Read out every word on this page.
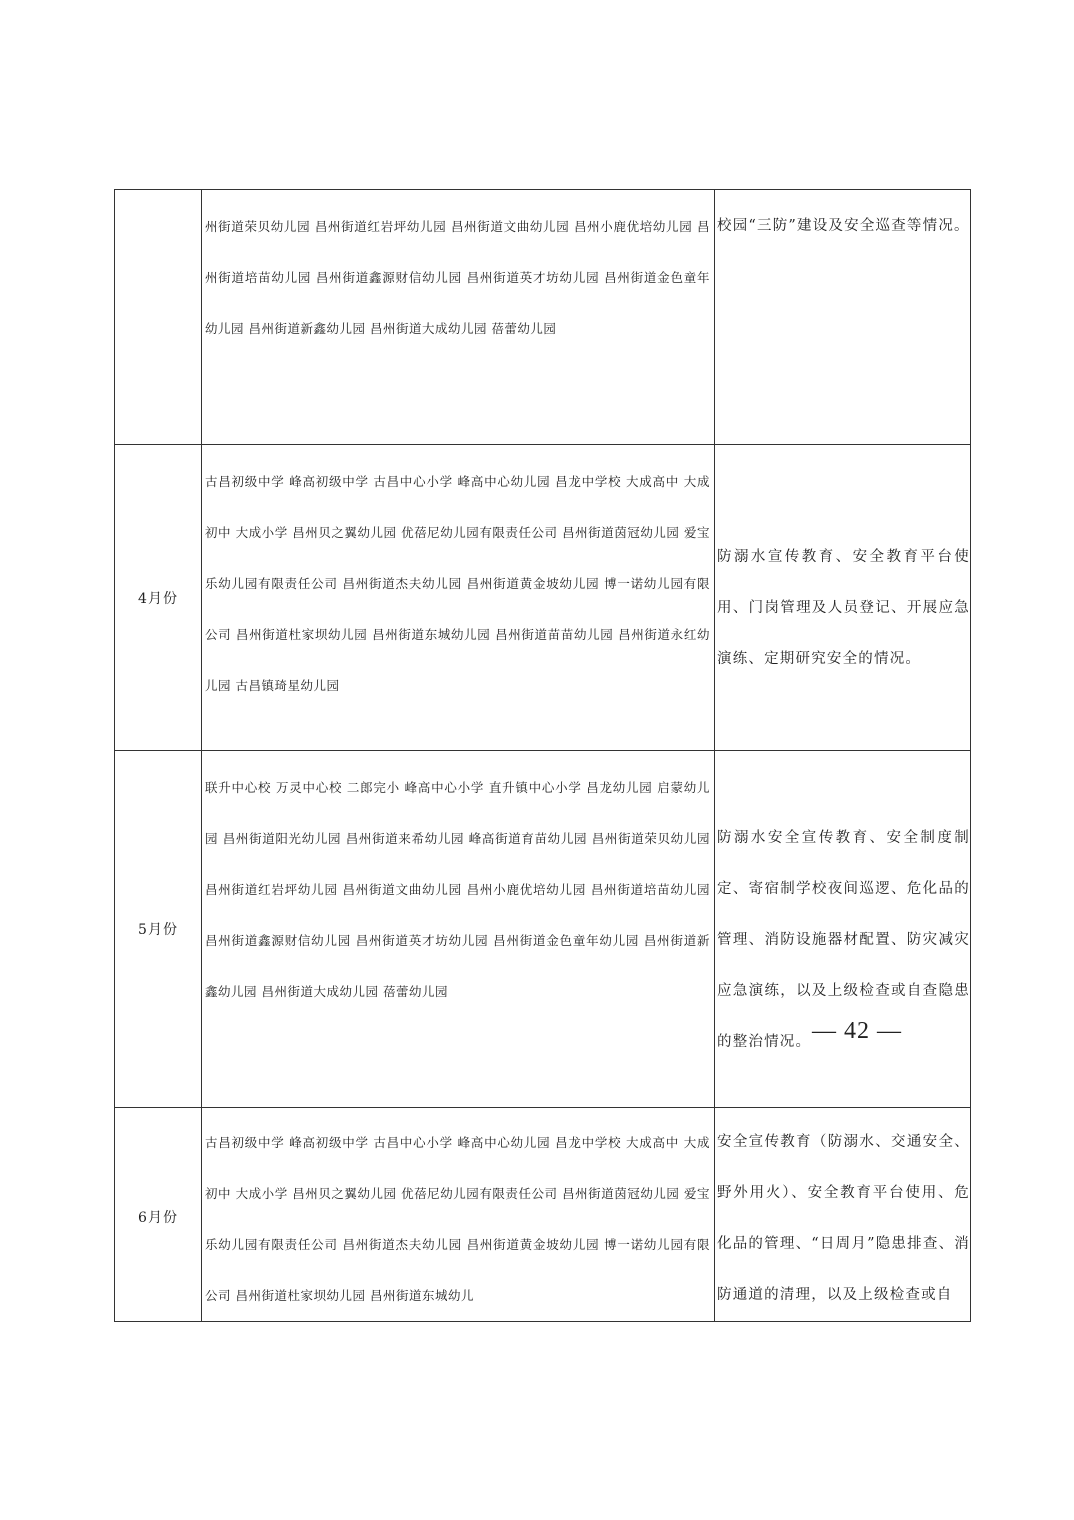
	州街道荣贝幼儿园 昌州街道红岩坪幼儿园 昌州街道文曲幼儿园 昌州小鹿优培幼儿园 昌州街道培苗幼儿园 昌州街道鑫源财信幼儿园 昌州街道英才坊幼儿园 昌州街道金色童年幼儿园 昌州街道新鑫幼儿园 昌州街道大成幼儿园 蓓蕾幼儿园	校园“三防”建设及安全巡查等情况。

4月份	古昌初级中学 峰高初级中学 古昌中心小学 峰高中心幼儿园 昌龙中学校 大成高中 大成初中 大成小学 昌州贝之翼幼儿园 优蓓尼幼儿园有限责任公司 昌州街道茵冠幼儿园 爱宝乐幼儿园有限责任公司 昌州街道杰夫幼儿园 昌州街道黄金坡幼儿园 博一诺幼儿园有限公司 昌州街道杜家坝幼儿园 昌州街道东城幼儿园 昌州街道苗苗幼儿园 昌州街道永红幼儿园 古昌镇琦星幼儿园	防溺水宣传教育、安全教育平台使用、门岗管理及人员登记、开展应急演练、定期研究安全的情况。

5月份	联升中心校 万灵中心校 二郎完小 峰高中心小学 直升镇中心小学 昌龙幼儿园 启蒙幼儿园 昌州街道阳光幼儿园 昌州街道来希幼儿园 峰高街道育苗幼儿园 昌州街道荣贝幼儿园 昌州街道红岩坪幼儿园 昌州街道文曲幼儿园 昌州小鹿优培幼儿园 昌州街道培苗幼儿园 昌州街道鑫源财信幼儿园 昌州街道英才坊幼儿园 昌州街道金色童年幼儿园 昌州街道新鑫幼儿园 昌州街道大成幼儿园 蓓蕾幼儿园	防溺水安全宣传教育、安全制度制定、寄宿制学校夜间巡逻、危化品的管理、消防设施器材配置、防灾减灾应急演练，以及上级检查或自查隐患的整治情况。

6月份	古昌初级中学 峰高初级中学 古昌中心小学 峰高中心幼儿园 昌龙中学校 大成高中 大成初中 大成小学 昌州贝之翼幼儿园 优蓓尼幼儿园有限责任公司 昌州街道茵冠幼儿园 爱宝乐幼儿园有限责任公司 昌州街道杰夫幼儿园 昌州街道黄金坡幼儿园 博一诺幼儿园有限公司 昌州街道杜家坝幼儿园 昌州街道东城幼儿	安全宣传教育（防溺水、交通安全、野外用火）、安全教育平台使用、危化品的管理、“日周月”隐患排查、消防通道的清理，以及上级检查或自
— 42 —
